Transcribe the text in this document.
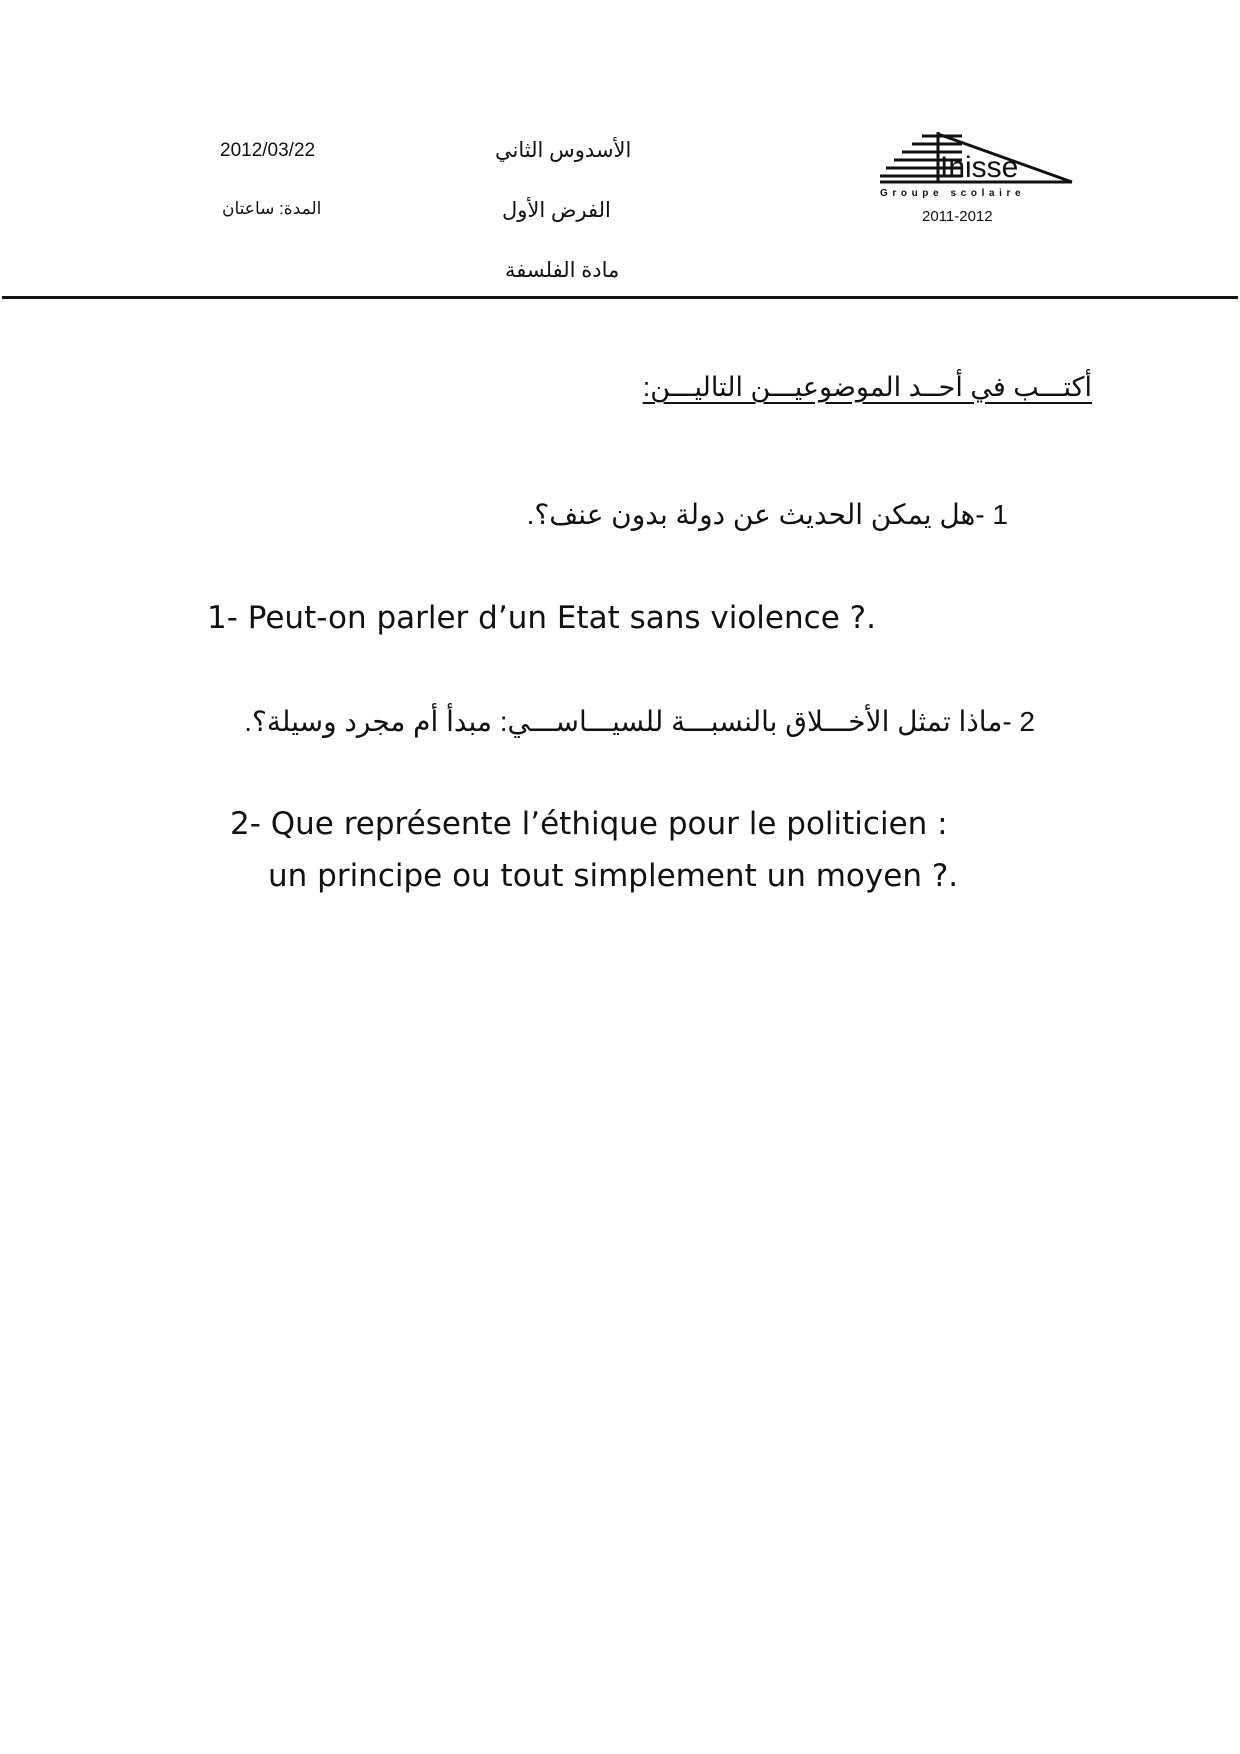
2012/03/22
المدة: ساعتان
الأسدوس الثاني
الفرض الأول
مادة الفلسفة
Inisse
Groupe scolaire
2011-2012
أكتـــب في أحــد الموضوعيـــن التاليـــن:
1 -هل يمكن الحديث عن دولة بدون عنف؟.
1- Peut-on parler d’un Etat sans violence ?.
2 -ماذا تمثل الأخـــلاق بالنسبـــة للسيـــاســـي: مبدأ أم مجرد وسيلة؟.
2- Que représente l’éthique pour le politicien :
un principe ou tout simplement un moyen ?.
